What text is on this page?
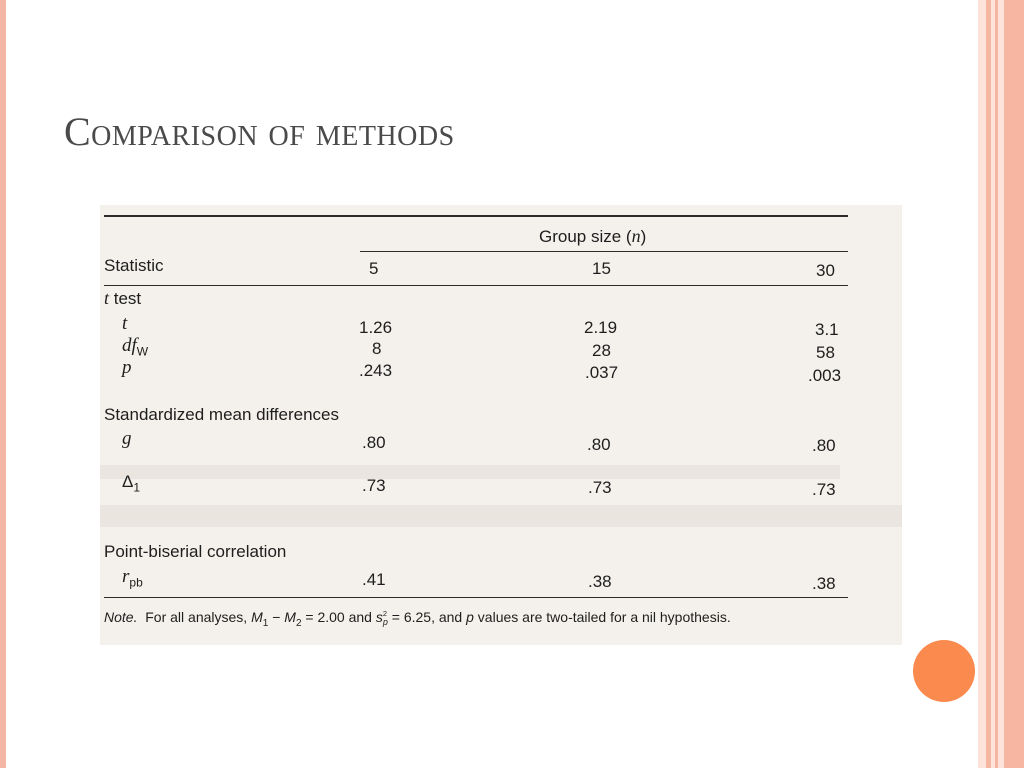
Comparison of methods
Group size (n)
Statistic	5	15	30
t test
t	1.26	2.19	3.1
$df_W$	8	28	58
p	.243	.037	.003
Standardized mean differences
g	.80	.80	.80
$\Delta_1$	.73	.73	.73
Point-biserial correlation
$r_{pb}$	.41	.38	.38
Note. For all analyses, $M_1 - M_2 = 2.00$ and s 2
p = 6.25, and p values are two-tailed for a nil hypothesis.
